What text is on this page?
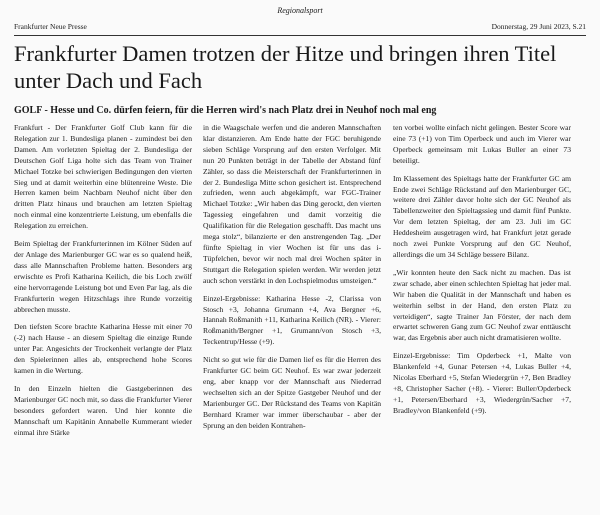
Regionalsport
Frankfurter Neue Presse	Donnerstag, 29 Juni 2023, S.21
Frankfurter Damen trotzen der Hitze und bringen ihren Titel unter Dach und Fach
GOLF - Hesse und Co. dürfen feiern, für die Herren wird's nach Platz drei in Neuhof noch mal eng

Frankfurt - Der Frankfurter Golf Club kann für die Relegation zur 1. Bundesliga planen - zumindest bei den Damen. Am vorletzten Spieltag der 2. Bundesliga der Deutschen Golf Liga holte sich das Team von Trainer Michael Totzke bei schwierigen Bedingungen den vierten Sieg und at damit weiterhin eine blütenreine Weste. Die Herren kamen beim Nachbarn Neuhof nicht über den dritten Platz hinaus und brauchen am letzten Spieltag noch einmal eine konzentrierte Leistung, um ebenfalls die Relegation zu erreichen.

Beim Spieltag der Frankfurterinnen im Kölner Süden auf der Anlage des Marienburger GC war es so qualend heiß, dass alle Mannschaften Probleme hatten. Besonders arg erwischte es Profi Katharina Keilich, die bis Loch zwölf eine hervorragende Leistung bot und Even Par lag, als die Frankfurterin wegen Hitzschlags ihre Runde vorzeitig abbrechen musste.

Den tiefsten Score brachte Katharina Hesse mit einer 70 (-2) nach Hause - an diesem Spieltag die einzige Runde unter Par. Angesichts der Trockenheit verlangte der Platz den Spielerinnen alles ab, entsprechend hohe Scores kamen in die Wertung.

In den Einzeln hielten die Gastgeberinnen des Marienburger GC noch mit, so dass die Frankfurter Vierer besonders gefordert waren. Und hier konnte die Mannschaft um Kapitänin Annabelle Kummerant wieder einmal ihre Stärke

in die Waagschale werfen und die anderen Mannschaften klar distanzieren. Am Ende hatte der FGC beruhigende sieben Schläge Vorsprung auf den ersten Verfolger. Mit nun 20 Punkten beträgt in der Tabelle der Abstand fünf Zähler, so dass die Meisterschaft der Frankfurterinnen in der 2. Bundesliga Mitte schon gesichert ist. Entsprechend zufrieden, wenn auch abgekämpft, war FGC-Trainer Michael Totzke: „Wir haben das Ding gerockt, den vierten Tagessieg eingefahren und damit vorzeitig die Qualifikation für die Relegation geschafft. Das macht uns mega stolz“, bilanzierte er den anstrengenden Tag. „Der fünfte Spieltag in vier Wochen ist für uns das i-Tüpfelchen, bevor wir noch mal drei Wochen später in Stuttgart die Relegation spielen werden. Wir werden jetzt auch schon verstärkt in den Lochspielmodus umsteigen.“

Einzel-Ergebnisse: Katharina Hesse -2, Clarissa von Stosch +3, Johanna Grumann +4, Ava Bergner +6, Hannah Roßmanith +11, Katharina Keilich (NR). - Vierer: Roßmanith/Bergner +1, Grumann/von Stosch +3, Teckentrup/Hesse (+9).

Nicht so gut wie für die Damen lief es für die Herren des Frankfurter GC beim GC Neuhof. Es war zwar jederzeit eng, aber knapp vor der Mannschaft aus Niederrad wechselten sich an der Spitze Gastgeber Neuhof und der Marienburger GC. Der Rückstand des Teams von Kapitän Bernhard Kramer war immer überschaubar - aber der Sprung an den beiden Kontrahen-

ten vorbei wollte einfach nicht gelingen. Bester Score war eine 73 (+1) von Tim Operbeck und auch im Vierer war Operbeck gemeinsam mit Lukas Buller an einer 73 beteiligt.

Im Klassement des Spieltags hatte der Frankfurter GC am Ende zwei Schläge Rückstand auf den Marienburger GC, weitere drei Zähler davor holte sich der GC Neuhof als Tabellenzweiter den Spieltagssieg und damit fünf Punkte. Vor dem letzten Spieltag, der am 23. Juli im GC Heddesheim ausgetragen wird, hat Frankfurt jetzt gerade noch zwei Punkte Vorsprung auf den GC Neuhof, allerdings die um 34 Schläge bessere Bilanz.

„Wir konnten heute den Sack nicht zu machen. Das ist zwar schade, aber einen schlechten Spieltag hat jeder mal. Wir haben die Qualität in der Mannschaft und haben es weiterhin selbst in der Hand, den ersten Platz zu verteidigen“, sagte Trainer Jan Förster, der nach dem erwartet schweren Gang zum GC Neuhof zwar enttäuscht war, das Ergebnis aber auch nicht dramatisieren wollte.

Einzel-Ergebnisse: Tim Opderbeck +1, Malte von Blankenfeld +4, Gunar Petersen +4, Lukas Buller +4, Nicolas Eberhard +5, Stefan Wiedergrün +7, Ben Bradley +8, Christopher Sacher (+8). - Vierer: Buller/Opderbeck +1, Petersen/Eberhard +3, Wiedergrün/Sacher +7, Bradley/von Blankenfeld (+9).
